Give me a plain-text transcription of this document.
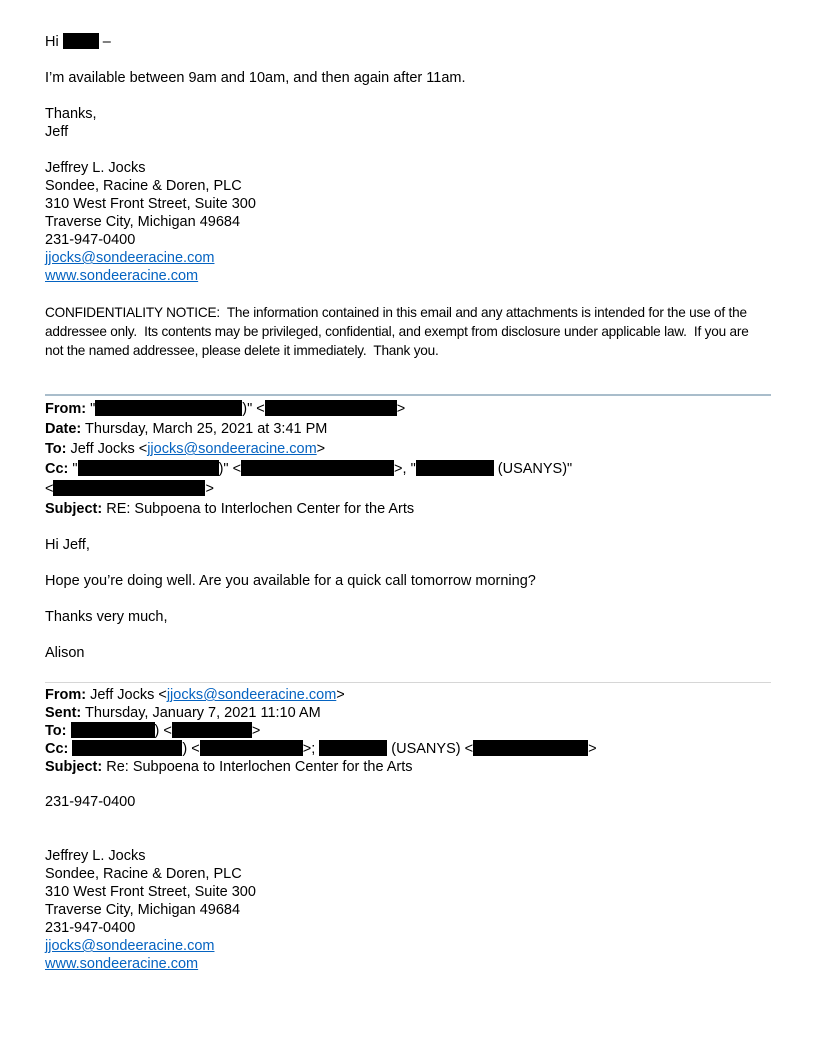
Hi  –
I’m available between 9am and 10am, and then again after 11am.
Thanks,
Jeff
Jeffrey L. Jocks
Sondee, Racine & Doren, PLC
310 West Front Street, Suite 300
Traverse City, Michigan 49684
231-947-0400
jjocks@sondeeracine.com
www.sondeeracine.com
CONFIDENTIALITY NOTICE:  The information contained in this email and any attachments is intended for the use of the
addressee only.  Its contents may be privileged, confidential, and exempt from disclosure under applicable law.  If you are
not the named addressee, please delete it immediately.  Thank you.
From: "	)" <	>
Date: Thursday, March 25, 2021 at 3:41 PM
To: Jeff Jocks <jjocks@sondeeracine.com>
Cc: "	)" <	>, "	(USANYS)"
<	>
Subject: RE: Subpoena to Interlochen Center for the Arts
Hi Jeff,
Hope you’re doing well. Are you available for a quick call tomorrow morning?
Thanks very much,
Alison
From: Jeff Jocks <jjocks@sondeeracine.com>
Sent: Thursday, January 7, 2021 11:10 AM
To:	) <	>
Cc:	) <	>;	(USANYS) <	>
Subject: Re: Subpoena to Interlochen Center for the Arts
231-947-0400
Jeffrey L. Jocks
Sondee, Racine & Doren, PLC
310 West Front Street, Suite 300
Traverse City, Michigan 49684
231-947-0400
jjocks@sondeeracine.com
www.sondeeracine.com
